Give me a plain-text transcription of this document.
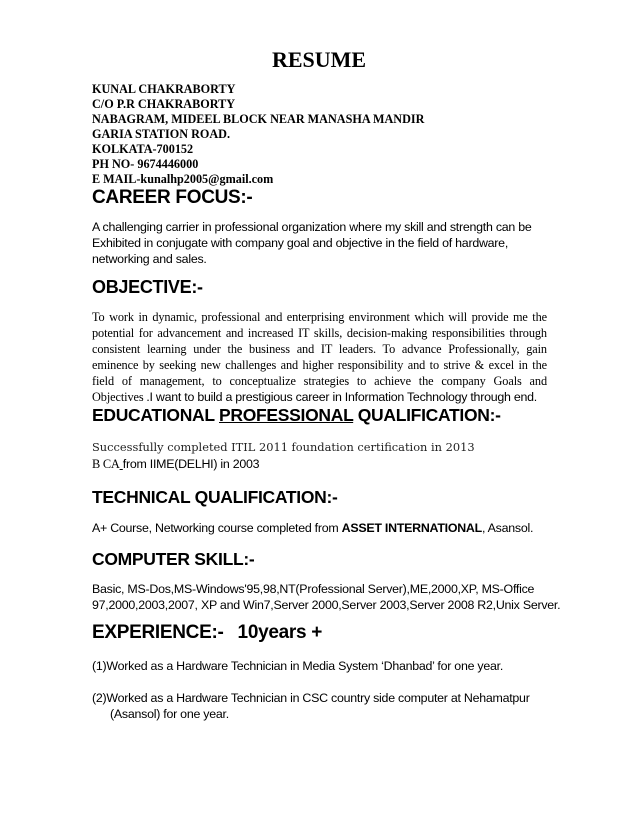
RESUME
KUNAL CHAKRABORTY
C/O P.R CHAKRABORTY
NABAGRAM, MIDEEL BLOCK NEAR MANASHA MANDIR
GARIA STATION ROAD.
KOLKATA-700152
PH NO- 9674446000
E MAIL-kunalhp2005@gmail.com
CAREER FOCUS:-
A challenging carrier in professional organization where my skill and strength can be Exhibited in conjugate with company goal and objective in the field of hardware, networking and sales.
OBJECTIVE:-
To work in dynamic, professional and enterprising environment which will provide me the potential for advancement and increased IT skills, decision-making responsibilities through consistent learning under the business and IT leaders. To advance Professionally, gain eminence by seeking new challenges and higher responsibility and to strive & excel in the field of management, to conceptualize strategies to achieve the company Goals and Objectives .I want to build a prestigious career in Information Technology through end.
EDUCATIONAL PROFESSIONAL QUALIFICATION:-
Successfully completed ITIL 2011 foundation certification in 2013
B CA from IIME(DELHI) in 2003
TECHNICAL QUALIFICATION:-
A+ Course, Networking course completed from ASSET INTERNATIONAL, Asansol.
COMPUTER SKILL:-
Basic, MS-Dos,MS-Windows'95,98,NT(Professional Server),ME,2000,XP, MS-Office 97,2000,2003,2007, XP and Win7,Server 2000,Server 2003,Server 2008 R2,Unix Server.
EXPERIENCE:- 10years +
(1)Worked as a Hardware Technician in Media System ‘Dhanbad’ for one year.
(2)Worked as a Hardware Technician in CSC country side computer at Nehamatpur
(Asansol) for one year.
